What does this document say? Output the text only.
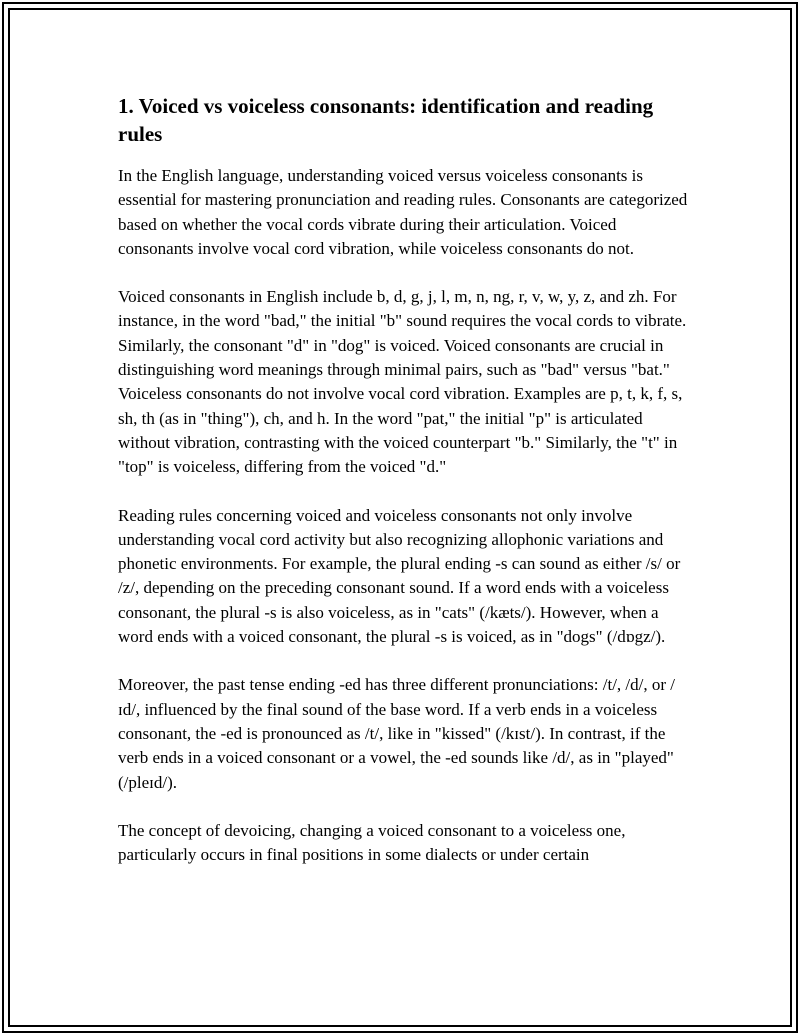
1. Voiced vs voiceless consonants: identification and reading rules

In the English language, understanding voiced versus voiceless consonants is essential for mastering pronunciation and reading rules. Consonants are categorized based on whether the vocal cords vibrate during their articulation. Voiced consonants involve vocal cord vibration, while voiceless consonants do not.

Voiced consonants in English include b, d, g, j, l, m, n, ng, r, v, w, y, z, and zh. For instance, in the word "bad," the initial "b" sound requires the vocal cords to vibrate. Similarly, the consonant "d" in "dog" is voiced. Voiced consonants are crucial in distinguishing word meanings through minimal pairs, such as "bad" versus "bat." Voiceless consonants do not involve vocal cord vibration. Examples are p, t, k, f, s, sh, th (as in "thing"), ch, and h. In the word "pat," the initial "p" is articulated without vibration, contrasting with the voiced counterpart "b." Similarly, the "t" in "top" is voiceless, differing from the voiced "d."

Reading rules concerning voiced and voiceless consonants not only involve understanding vocal cord activity but also recognizing allophonic variations and phonetic environments. For example, the plural ending -s can sound as either /s/ or /z/, depending on the preceding consonant sound. If a word ends with a voiceless consonant, the plural -s is also voiceless, as in "cats" (/kæts/). However, when a word ends with a voiced consonant, the plural -s is voiced, as in "dogs" (/dɒgz/).

Moreover, the past tense ending -ed has three different pronunciations: /t/, /d/, or /ɪd/, influenced by the final sound of the base word. If a verb ends in a voiceless consonant, the -ed is pronounced as /t/, like in "kissed" (/kɪst/). In contrast, if the verb ends in a voiced consonant or a vowel, the -ed sounds like /d/, as in "played" (/pleɪd/).

The concept of devoicing, changing a voiced consonant to a voiceless one, particularly occurs in final positions in some dialects or under certain
